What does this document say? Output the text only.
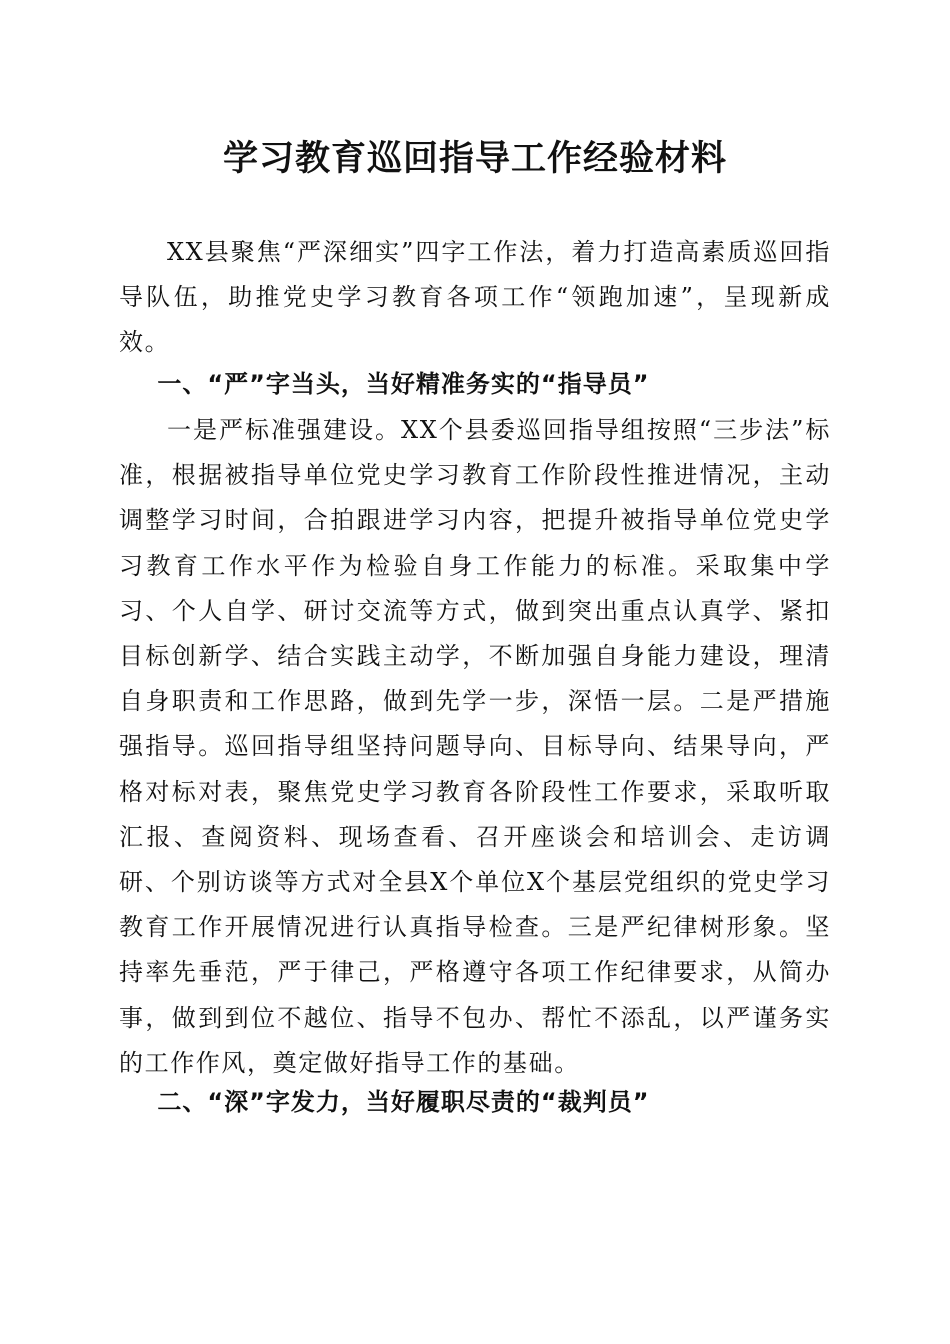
学习教育巡回指导工作经验材料

XX县聚焦“严深细实”四字工作法，着力打造高素质巡回指导队伍，助推党史学习教育各项工作“领跑加速”，呈现新成效。

一、“严”字当头，当好精准务实的“指导员”

一是严标准强建设。XX个县委巡回指导组按照“三步法”标准，根据被指导单位党史学习教育工作阶段性推进情况，主动调整学习时间，合拍跟进学习内容，把提升被指导单位党史学习教育工作水平作为检验自身工作能力的标准。采取集中学习、个人自学、研讨交流等方式，做到突出重点认真学、紧扣目标创新学、结合实践主动学，不断加强自身能力建设，理清自身职责和工作思路，做到先学一步，深悟一层。二是严措施强指导。巡回指导组坚持问题导向、目标导向、结果导向，严格对标对表，聚焦党史学习教育各阶段性工作要求，采取听取汇报、查阅资料、现场查看、召开座谈会和培训会、走访调研、个别访谈等方式对全县X个单位X个基层党组织的党史学习教育工作开展情况进行认真指导检查。三是严纪律树形象。坚持率先垂范，严于律己，严格遵守各项工作纪律要求，从简办事，做到到位不越位、指导不包办、帮忙不添乱，以严谨务实的工作作风，奠定做好指导工作的基础。

二、“深”字发力，当好履职尽责的“裁判员”
